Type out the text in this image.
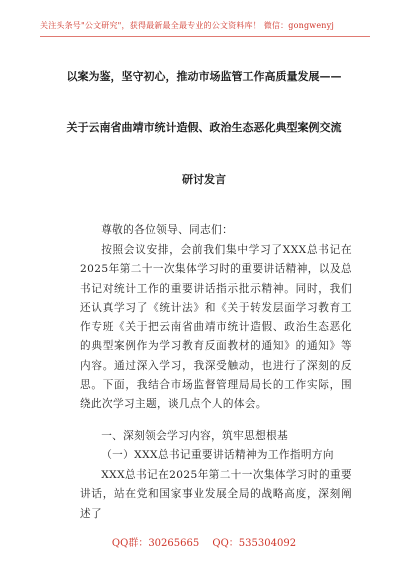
关注头条号"公文研究"，获得最新最全最专业的公文资料库！ 微信：gongwenyj
以案为鉴，坚守初心，推动市场监管工作高质量发展——
关于云南省曲靖市统计造假、政治生态恶化典型案例交流
研讨发言
尊敬的各位领导、同志们：
按照会议安排，会前我们集中学习了XXX总书记在2025年第二十一次集体学习时的重要讲话精神，以及总书记对统计工作的重要讲话指示批示精神。同时，我们还认真学习了《统计法》和《关于转发层面学习教育工作专班《关于把云南省曲靖市统计造假、政治生态恶化的典型案例作为学习教育反面教材的通知》的通知》等内容。通过深入学习，我深受触动，也进行了深刻的反思。下面，我结合市场监督管理局局长的工作实际，围绕此次学习主题，谈几点个人的体会。
一、深刻领会学习内容，筑牢思想根基
（一）XXX总书记重要讲话精神为工作指明方向
XXX总书记在2025年第二十一次集体学习时的重要讲话，站在党和国家事业发展全局的战略高度，深刻阐述了
QQ群：30265665 QQ：535304092
